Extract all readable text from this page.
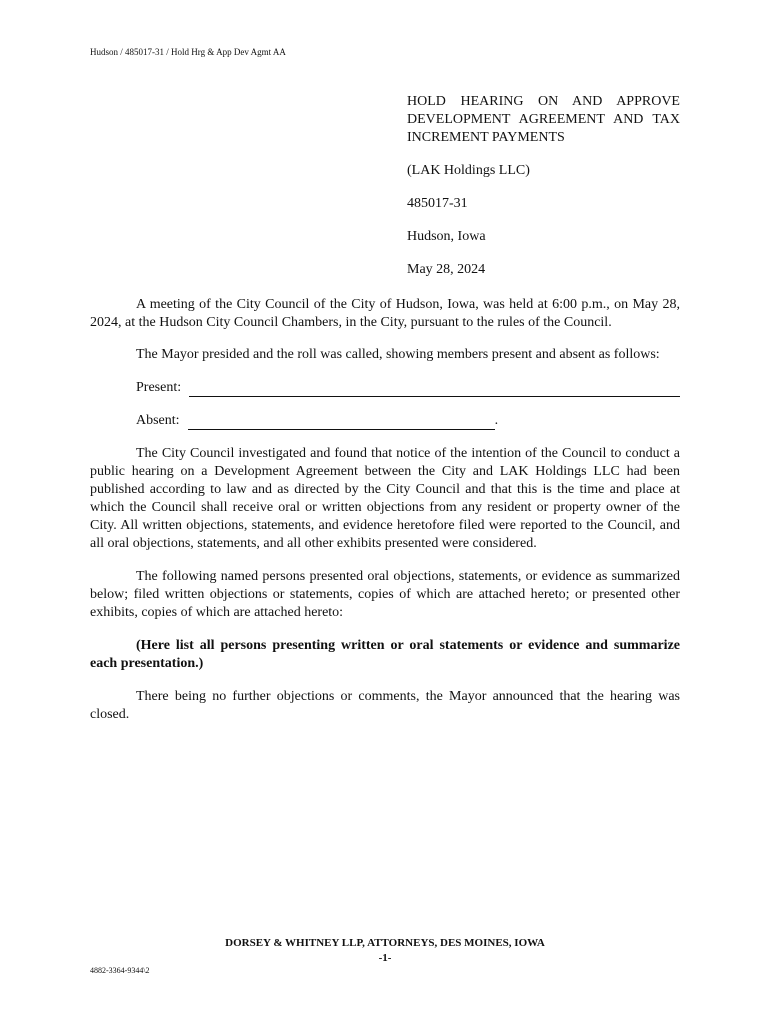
Hudson / 485017-31 / Hold Hrg & App Dev Agmt AA

HOLD HEARING ON AND APPROVE DEVELOPMENT AGREEMENT AND TAX INCREMENT PAYMENTS

(LAK Holdings LLC)

485017-31

Hudson, Iowa

May 28, 2024

A meeting of the City Council of the City of Hudson, Iowa, was held at 6:00 p.m., on May 28, 2024, at the Hudson City Council Chambers, in the City, pursuant to the rules of the Council.

The Mayor presided and the roll was called, showing members present and absent as follows:

Present:
Absent:	.

The City Council investigated and found that notice of the intention of the Council to conduct a public hearing on a Development Agreement between the City and LAK Holdings LLC had been published according to law and as directed by the City Council and that this is the time and place at which the Council shall receive oral or written objections from any resident or property owner of the City. All written objections, statements, and evidence heretofore filed were reported to the Council, and all oral objections, statements, and all other exhibits presented were considered.

The following named persons presented oral objections, statements, or evidence as summarized below; filed written objections or statements, copies of which are attached hereto; or presented other exhibits, copies of which are attached hereto:

(Here list all persons presenting written or oral statements or evidence and summarize each presentation.)

There being no further objections or comments, the Mayor announced that the hearing was closed.

DORSEY & WHITNEY LLP, ATTORNEYS, DES MOINES, IOWA
-1-
4882-3364-9344\2
